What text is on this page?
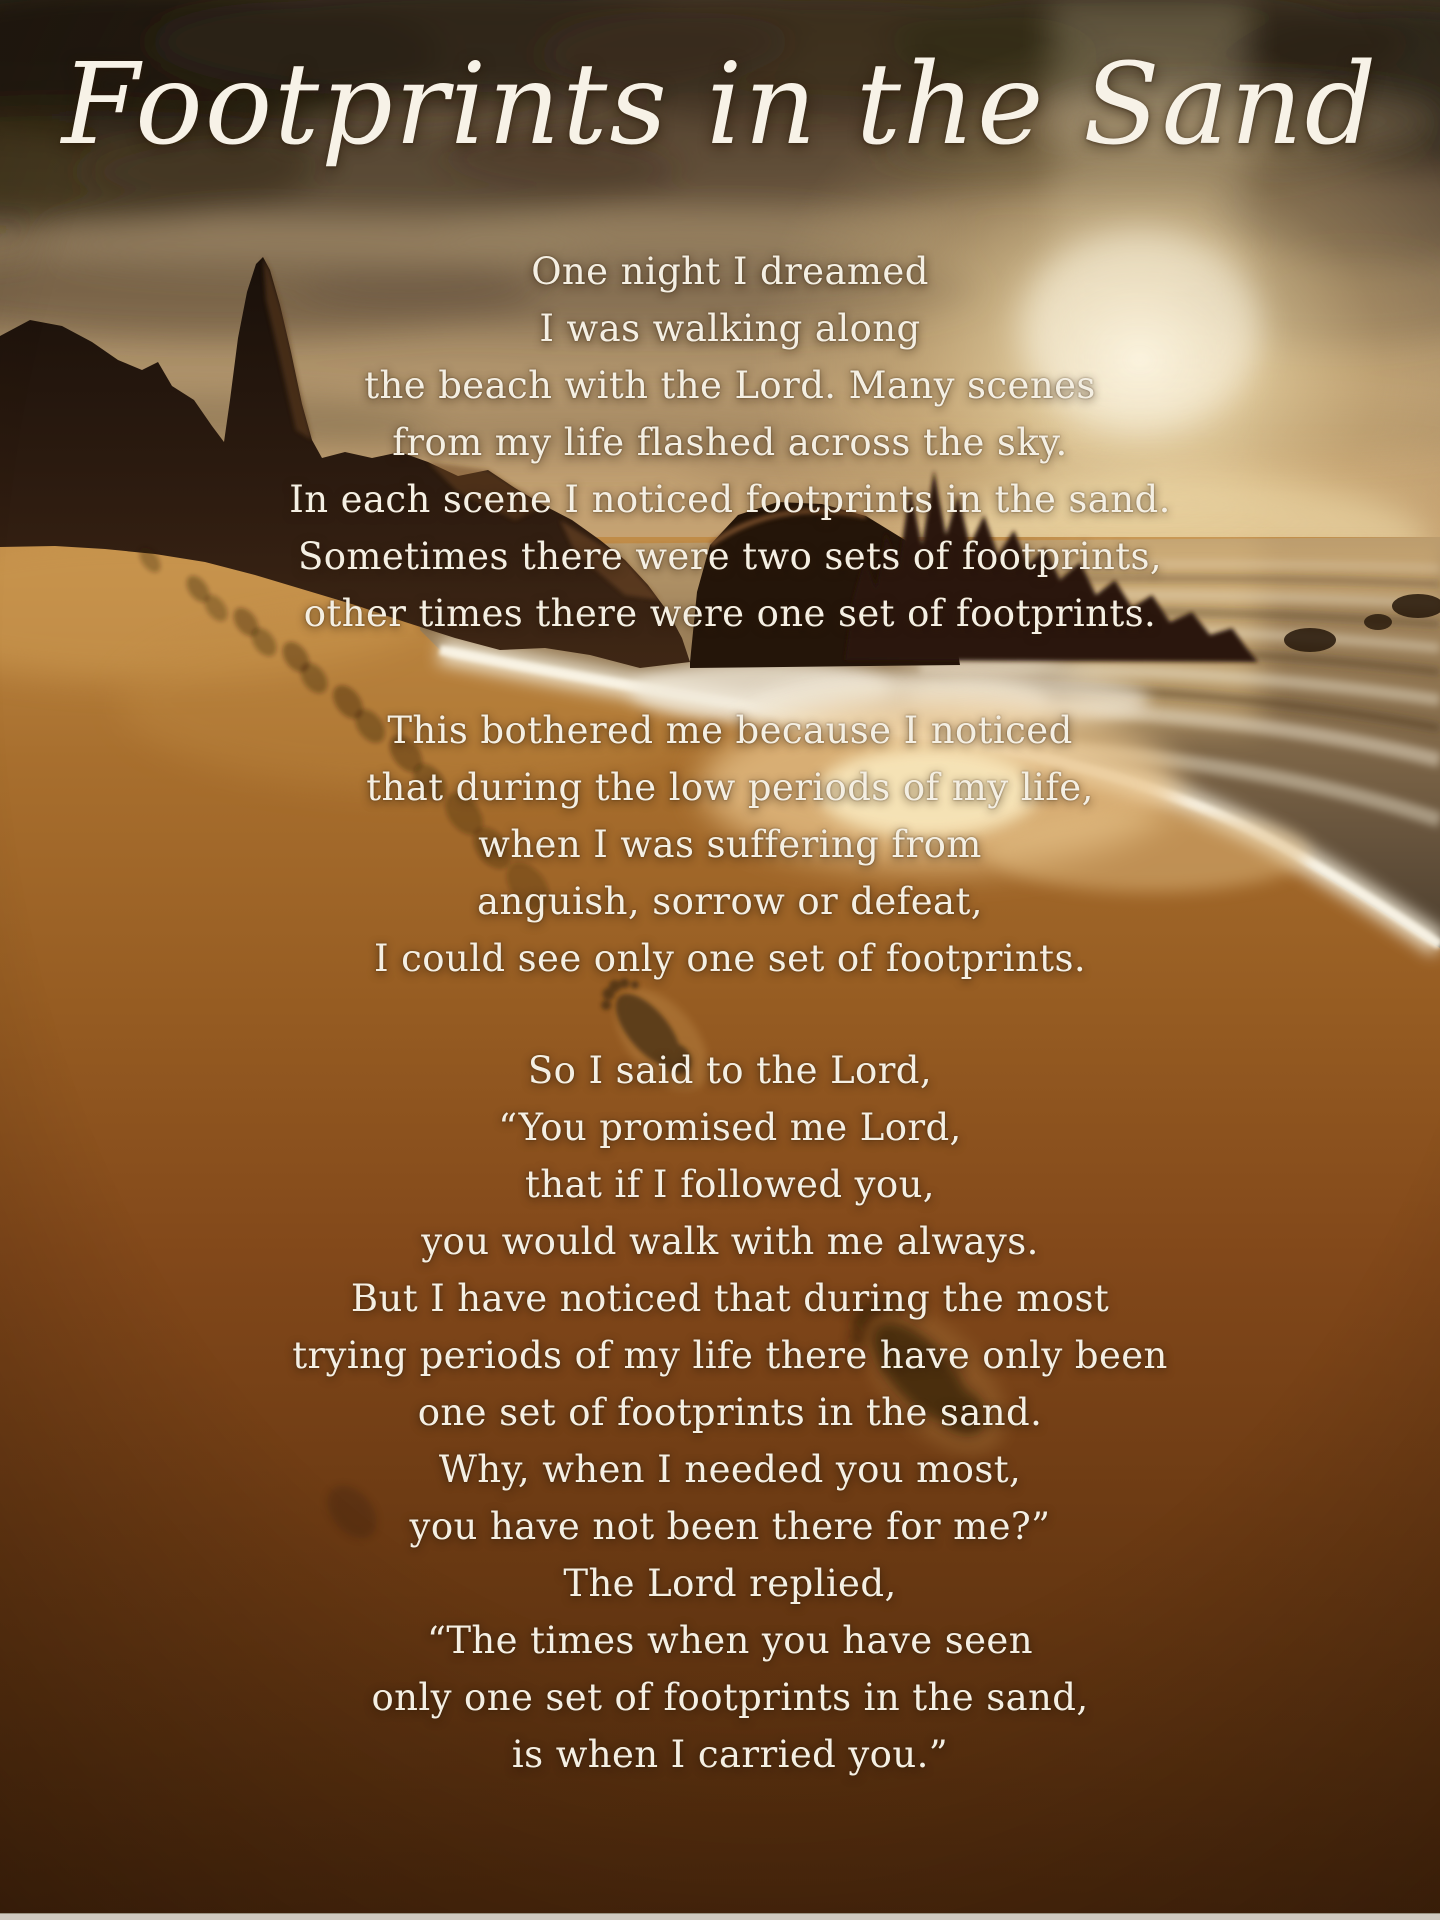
Footprints in the Sand
One night I dreamed
I was walking along
the beach with the Lord. Many scenes
from my life flashed across the sky.
In each scene I noticed footprints in the sand.
Sometimes there were two sets of footprints,
other times there were one set of footprints.
This bothered me because I noticed
that during the low periods of my life,
when I was suffering from
anguish, sorrow or defeat,
I could see only one set of footprints.
So I said to the Lord,
“You promised me Lord,
that if I followed you,
you would walk with me always.
But I have noticed that during the most
trying periods of my life there have only been
one set of footprints in the sand.
Why, when I needed you most,
you have not been there for me?”
The Lord replied,
“The times when you have seen
only one set of footprints in the sand,
is when I carried you.”
